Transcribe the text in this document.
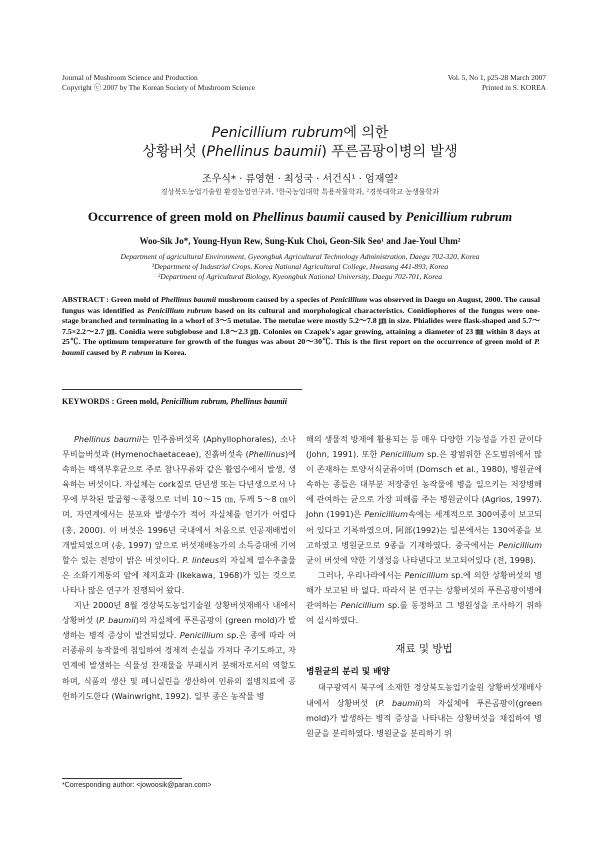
Journal of Mushroom Science and Production
Copyright ⓒ 2007 by The Korean Society of Mushroom Science
Vol. 5, No 1, p25-28 March 2007
Printed in S. KOREA
Penicillium rubrum에 의한
상황버섯 (Phellinus baumii) 푸른곰팡이병의 발생
조우식* · 류영현 · 최성국 · 서건식¹ · 엄재열²
경상북도농업기술원 환경농업연구과, ¹한국농업대학 특용작물학과, ²경북대학교 농생물학과
Occurrence of green mold on Phellinus baumii caused by Penicillium rubrum
Woo-Sik Jo*, Young-Hyun Rew, Sung-Kuk Choi, Geon-Sik Seo¹ and Jae-Youl Uhm²
Department of agricultural Environment, Gyeongbuk Agricultural Technology Administration, Daegu 702-320, Korea
¹Department of Industrial Crops, Korea National Agricultural College, Hwasung 441-893, Korea
²Department of Agricultural Biology, Kyeongbuk National University, Daegu 702-701, Korea
ABSTRACT : Green mold of Phellinus baumii mushroom caused by a species of Penicillium was observed in Daegu on August, 2000. The causal fungus was identified as Penicillium rubrum based on its cultural and morphological characteristics. Conidiophores of the fungus were one-stage branched and terminating in a whorl of 3～5 metulae. The metulae were mostly 5.2～7.8 ㎛ in size. Phialides were flask-shaped and 5.7～7.5×2.2～2.7 ㎛. Conidia were subglobose and 1.8～2.3 ㎛. Colonies on Czapek's agar growing, attaining a diameter of 23 ㎜ within 8 days at 25℃. The optimum temperature for growth of the fungus was about 20～30℃. This is the first report on the occurrence of green mold of P. baumii caused by P. rubrum in Korea.
KEYWORDS : Green mold, Penicillium rubrum, Phellinus baumii

Phellinus baumii는 민주름버섯목 (Aphyllophorales), 소나무비늘버섯과 (Hymenochaetaceae), 진흙버섯속 (Phellinus)에 속하는 백색부후균으로 주로 참나무류와 같은 활엽수에서 발생, 생육하는 버섯이다. 자실체는 cork질로 단년생 또는 다년생으로서 나무에 부착된 말굽형～종형으로 너비 10～15 ㎝, 두께 5～8 ㎝이며, 자연계에서는 분포와 발생수가 적어 자실체를 얻기가 어렵다 (홍, 2000). 이 버섯은 1996년 국내에서 처음으로 인공재배법이 개발되었으며 (송, 1997) 앞으로 버섯재배농가의 소득증대에 기여할수 있는 전망이 밝은 버섯이다. P. linteus의 자실체 열수추출물은 소화기계통의 암에 제지효과 (Ikekawa, 1968)가 있는 것으로 나타나 많은 연구가 진행되어 왔다.

지난 2000년 8월 경상북도농업기술원 상황버섯재배사 내에서 상황버섯 (P. baumii)의 자실체에 푸른곰팡이 (green mold)가 발생하는 병적 증상이 발견되었다. Penicillium sp.은 종에 따라 여러종류의 농작물에 침입하여 경제적 손실을 가져다 주기도하고, 자연계에 발생하는 식물성 잔재물을 부패시켜 분해자로서의 역할도 하며, 식품의 생산 및 페니실린을 생산하여 인류의 질병치료에 공헌하기도한다 (Wainwright, 1992). 일부 종은 농작물 병

*Corresponding author: <jowoosik@paran.com>

해의 생물적 방제에 활용되는 등 매우 다양한 기능성을 가진 균이다 (John, 1991). 또한 Penicillium sp.은 광범위한 온도범위에서 많이 존재하는 토양서식균류이며 (Domsch et al., 1980), 병원균에 속하는 종들은 대부분 저장중인 농작물에 병을 일으키는 저장병해에 관여하는 균으로 가장 피해를 주는 병원균이다 (Agrios, 1997). John (1991)은 Penicillium속에는 세계적으로 300여종이 보고되어 있다고 기록하였으며, 阿部(1992)는 일본에서는 130여종을 보고하였고 병원균으로 9종을 기재하였다. 중국에서는 Penicillium 균이 버섯에 약한 기생성을 나타낸다고 보고되어있다 (전, 1998).

그러나, 우리나라에서는 Penicillium sp.에 의한 상황버섯의 병해가 보고된 바 없다. 따라서 본 연구는 상황버섯의 푸른곰팡이병에 관여하는 Penicillium sp.를 동정하고 그 병원성을 조사하기 위하여 실시하였다.

재료 및 방법
병원균의 분리 및 배양

대구광역시 북구에 소재한 경상북도농업기술원 상황버섯재배사 내에서 상황버섯 (P. baumii)의 자실체에 푸른곰팡이(green mold)가 발생하는 병적 증상을 나타내는 상황버섯을 채집하여 병원균을 분리하였다. 병원균을 분리하기 위
